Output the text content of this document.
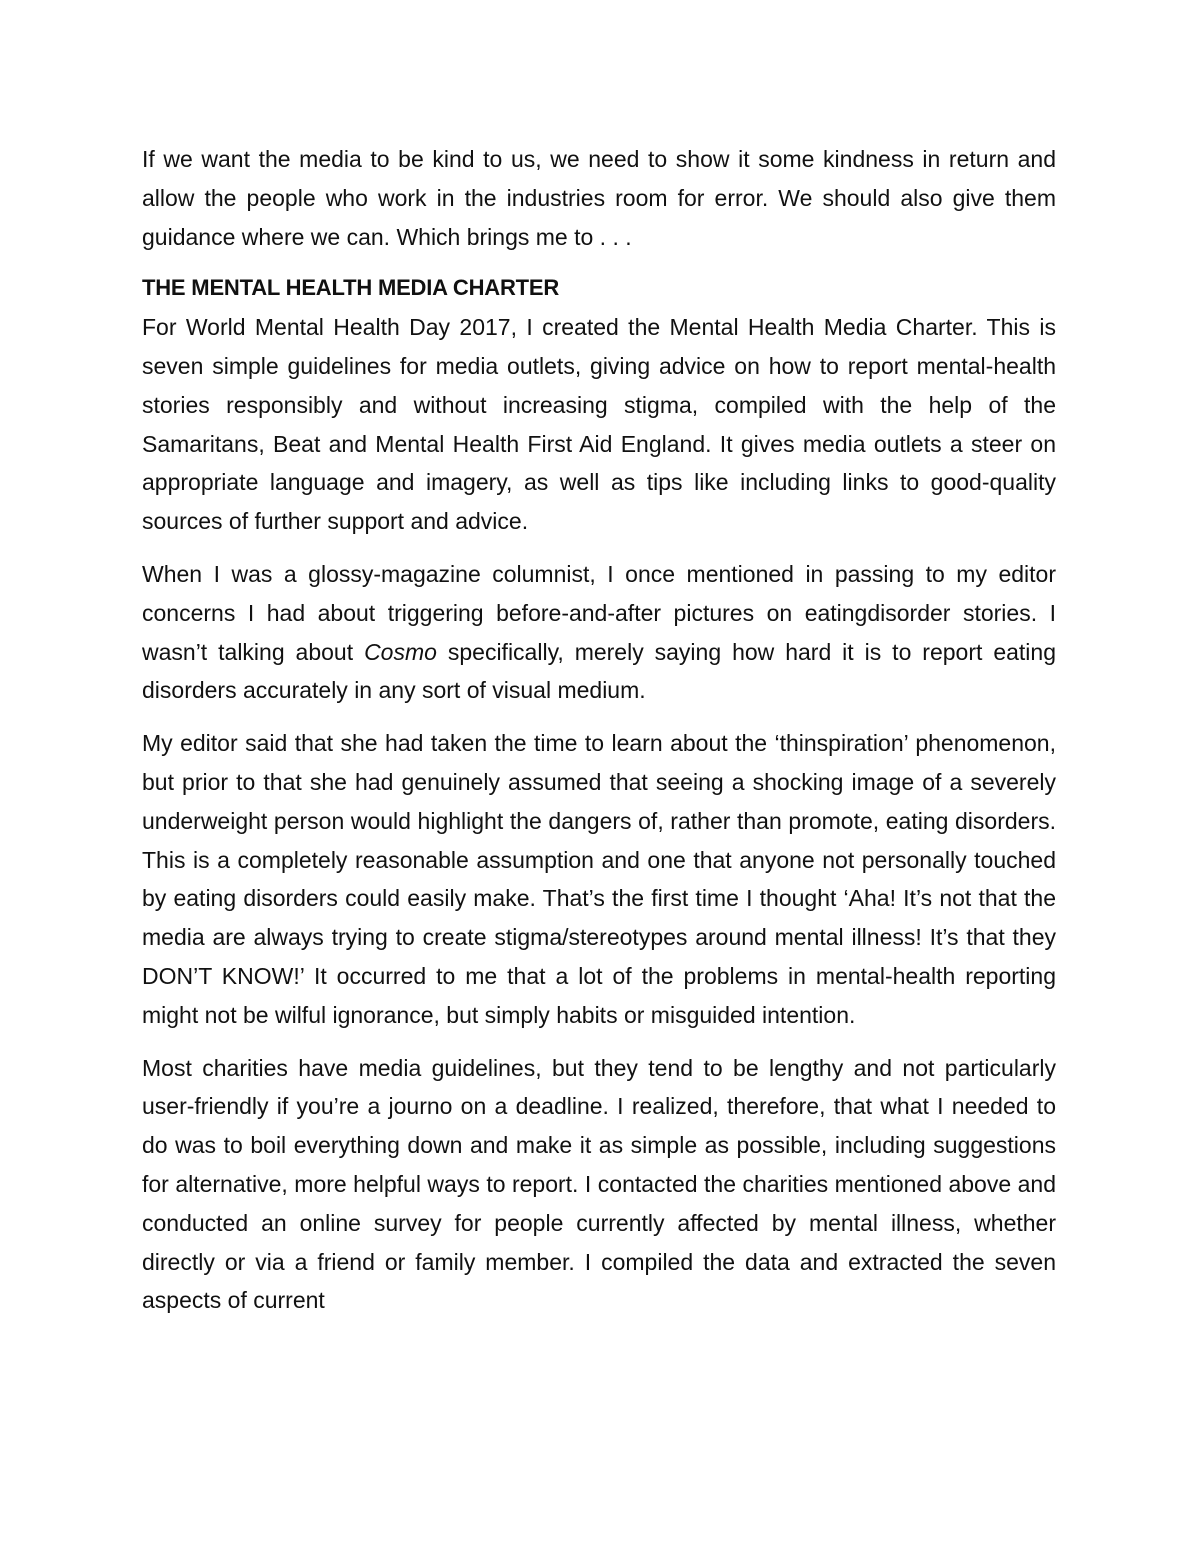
If we want the media to be kind to us, we need to show it some kindness in return and allow the people who work in the industries room for error. We should also give them guidance where we can. Which brings me to . . .

THE MENTAL HEALTH MEDIA CHARTER

For World Mental Health Day 2017, I created the Mental Health Media Charter. This is seven simple guidelines for media outlets, giving advice on how to report mental-health stories responsibly and without increasing stigma, compiled with the help of the Samaritans, Beat and Mental Health First Aid England. It gives media outlets a steer on appropriate language and imagery, as well as tips like including links to good-quality sources of further support and advice.

When I was a glossy-magazine columnist, I once mentioned in passing to my editor concerns I had about triggering before-and-after pictures on eatingdisorder stories. I wasn’t talking about Cosmo specifically, merely saying how hard it is to report eating disorders accurately in any sort of visual medium.

My editor said that she had taken the time to learn about the ‘thinspiration’ phenomenon, but prior to that she had genuinely assumed that seeing a shocking image of a severely underweight person would highlight the dangers of, rather than promote, eating disorders. This is a completely reasonable assumption and one that anyone not personally touched by eating disorders could easily make. That’s the first time I thought ‘Aha! It’s not that the media are always trying to create stigma/stereotypes around mental illness! It’s that they DON’T KNOW!’ It occurred to me that a lot of the problems in mental-health reporting might not be wilful ignorance, but simply habits or misguided intention.

Most charities have media guidelines, but they tend to be lengthy and not particularly user-friendly if you’re a journo on a deadline. I realized, therefore, that what I needed to do was to boil everything down and make it as simple as possible, including suggestions for alternative, more helpful ways to report. I contacted the charities mentioned above and conducted an online survey for people currently affected by mental illness, whether directly or via a friend or family member. I compiled the data and extracted the seven aspects of current
